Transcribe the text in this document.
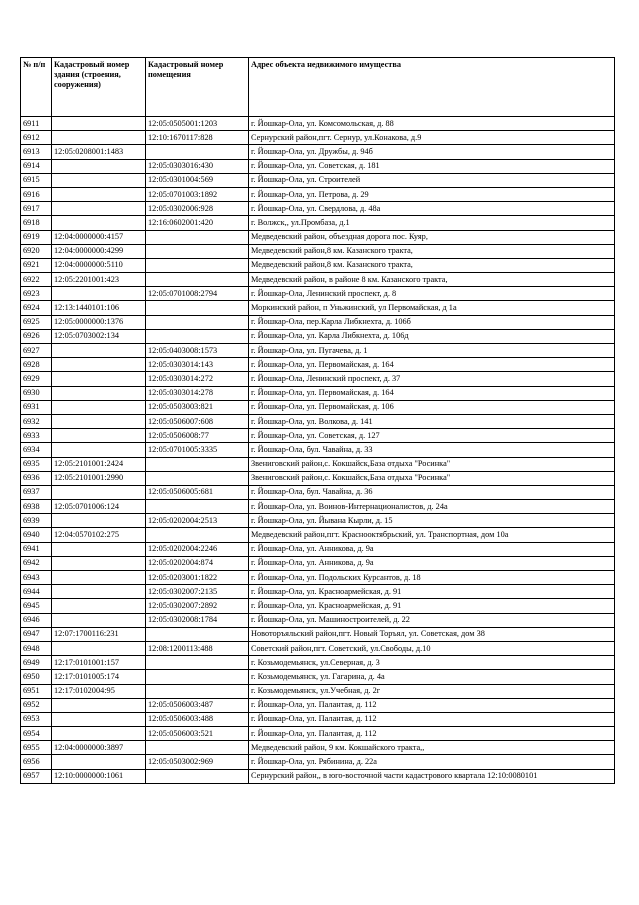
№ п/п	Кадастровый номер здания (строения, сооружения)	Кадастровый номер помещения	Адрес объекта недвижимого имущества
6911		12:05:0505001:1203	г. Йошкар-Ола, ул. Комсомольская, д. 88
6912		12:10:1670117:828	Сернурский район,пгт. Сернур, ул.Конакова, д.9
6913	12:05:0208001:1483		г. Йошкар-Ола, ул. Дружбы, д. 94б
6914		12:05:0303016:430	г. Йошкар-Ола, ул. Советская, д. 181
6915		12:05:0301004:569	г. Йошкар-Ола, ул. Строителей
6916		12:05:0701003:1892	г. Йошкар-Ола, ул. Петрова, д. 29
6917		12:05:0302006:928	г. Йошкар-Ола, ул. Свердлова, д. 48а
6918		12:16:0602001:420	г. Волжск,, ул.Промбаза, д.1
6919	12:04:0000000:4157		Медведевский район, объездная дорога пос. Куяр,
6920	12:04:0000000:4299		Медведевский район,8 км. Казанского тракта,
6921	12:04:0000000:5110		Медведевский район,8 км. Казанского тракта,
6922	12:05:2201001:423		Медведевский район, в районе 8 км. Казанского тракта,
6923		12:05:0701008:2794	г. Йошкар-Ола, Ленинский проспект, д. 8
6924	12:13:1440101:106		Моркинский район, п Уньжинский, ул Первомайская, д 1а
6925	12:05:0000000:1376		г. Йошкар-Ола, пер.Карла Либкнехта, д. 106б
6926	12:05:0703002:134		г. Йошкар-Ола, ул. Карла Либкнехта, д. 106д
6927		12:05:0403008:1573	г. Йошкар-Ола, ул. Пугачева, д. 1
6928		12:05:0303014:143	г. Йошкар-Ола, ул. Первомайская, д. 164
6929		12:05:0303014:272	г. Йошкар-Ола, Ленинский проспект, д. 37
6930		12:05:0303014:278	г. Йошкар-Ола, ул. Первомайская, д. 164
6931		12:05:0503003:821	г. Йошкар-Ола, ул. Первомайская, д. 106
6932		12:05:0506007:608	г. Йошкар-Ола, ул. Волкова, д. 141
6933		12:05:0506008:77	г. Йошкар-Ола, ул. Советская, д. 127
6934		12:05:0701005:3335	г. Йошкар-Ола, бул. Чавайна, д. 33
6935	12:05:2101001:2424		Звениговский район,с. Кокшайск,База отдыха "Росинка"
6936	12:05:2101001:2990		Звениговский район,с. Кокшайск,База отдыха "Росинка"
6937		12:05:0506005:681	г. Йошкар-Ола, бул. Чавайна, д. 36
6938	12:05:0701006:124		г. Йошкар-Ола, ул. Воинов-Интернационалистов, д. 24а
6939		12:05:0202004:2513	г. Йошкар-Ола, ул. Йывана Кырли, д. 15
6940	12:04:0570102:275		Медведевский район,пгт. Краснооктябрьский, ул. Транспортная, дом 10а
6941		12:05:0202004:2246	г. Йошкар-Ола, ул. Анникова, д. 9а
6942		12:05:0202004:874	г. Йошкар-Ола, ул. Анникова, д. 9а
6943		12:05:0203001:1822	г. Йошкар-Ола, ул. Подольских Курсантов, д. 18
6944		12:05:0302007:2135	г. Йошкар-Ола, ул. Красноармейская, д. 91
6945		12:05:0302007:2892	г. Йошкар-Ола, ул. Красноармейская, д. 91
6946		12:05:0302008:1784	г. Йошкар-Ола, ул. Машиностроителей, д. 22
6947	12:07:1700116:231		Новоторъяльский район,пгт. Новый Торъял, ул. Советская, дом 38
6948		12:08:1200113:488	Советский район,пгт. Советский, ул.Свободы, д.10
6949	12:17:0101001:157		г. Козьмодемьянск, ул.Северная, д. 3
6950	12:17:0101005:174		г. Козьмодемьянск, ул. Гагарина, д. 4а
6951	12:17:0102004:95		г. Козьмодемьянск, ул.Учебная, д. 2г
6952		12:05:0506003:487	г. Йошкар-Ола, ул. Палантая, д. 112
6953		12:05:0506003:488	г. Йошкар-Ола, ул. Палантая, д. 112
6954		12:05:0506003:521	г. Йошкар-Ола, ул. Палантая, д. 112
6955	12:04:0000000:3897		Медведевский район, 9 км. Кокшайского тракта,,
6956		12:05:0503002:969	г. Йошкар-Ола, ул. Рябинина, д. 22а
6957	12:10:0000000:1061		Сернурский район,, в юго-восточной части кадастрового квартала 12:10:0080101
